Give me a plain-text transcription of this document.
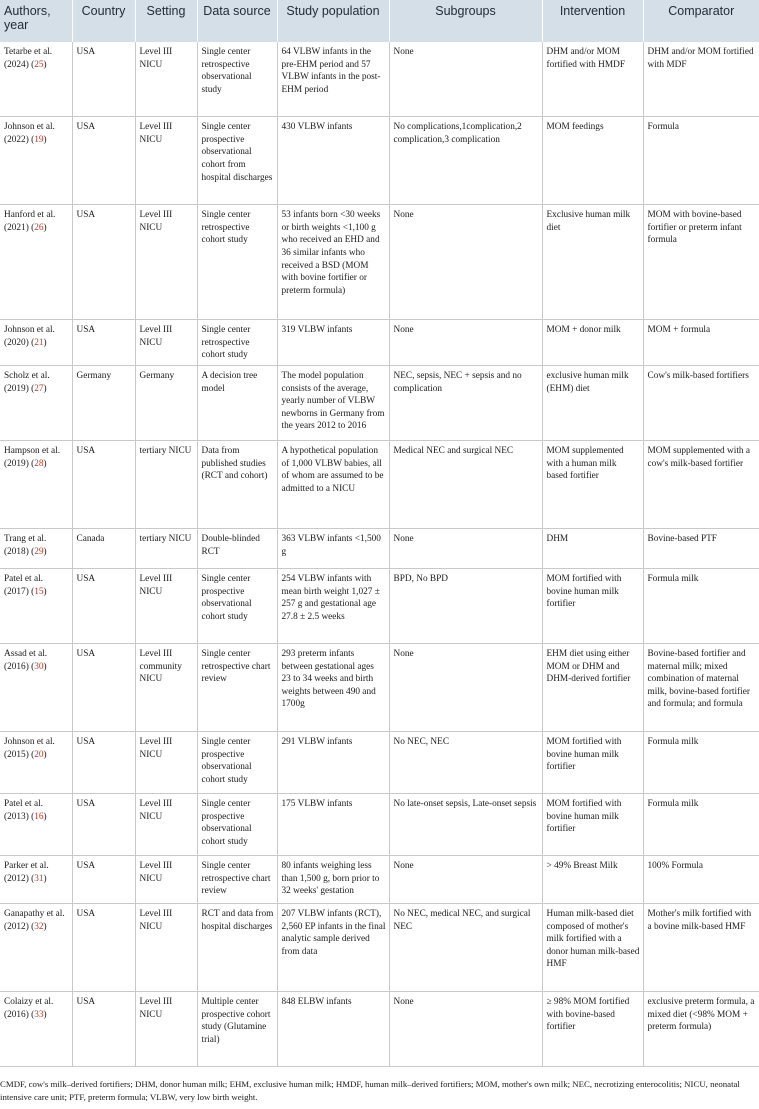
Authors, year	Country	Setting	Data source	Study population	Subgroups	Intervention	Comparator
Tetarbe et al. (2024) (25)	USA	Level III NICU	Single center retrospective observational study	64 VLBW infants in the pre-EHM period and 57 VLBW infants in the post-EHM period	None	DHM and/or MOM fortified with HMDF	DHM and/or MOM fortified with MDF
Johnson et al. (2022) (19)	USA	Level III NICU	Single center prospective observational cohort from hospital discharges	430 VLBW infants	No complications,1complication,2 complication,3 complication	MOM feedings	Formula
Hanford et al. (2021) (26)	USA	Level III NICU	Single center retrospective cohort study	53 infants born <30 weeks or birth weights <1,100 g who received an EHD and 36 similar infants who received a BSD (MOM with bovine fortifier or preterm formula)	None	Exclusive human milk diet	MOM with bovine-based fortifier or preterm infant formula
Johnson et al. (2020) (21)	USA	Level III NICU	Single center retrospective cohort study	319 VLBW infants	None	MOM + donor milk	MOM + formula
Scholz et al. (2019) (27)	Germany	Germany	A decision tree model	The model population consists of the average, yearly number of VLBW newborns in Germany from the years 2012 to 2016	NEC, sepsis, NEC + sepsis and no complication	exclusive human milk (EHM) diet	Cow's milk-based fortifiers
Hampson et al. (2019) (28)	USA	tertiary NICU	Data from published studies (RCT and cohort)	A hypothetical population of 1,000 VLBW babies, all of whom are assumed to be admitted to a NICU	Medical NEC and surgical NEC	MOM supplemented with a human milk based fortifier	MOM supplemented with a cow's milk-based fortifier
Trang et al. (2018) (29)	Canada	tertiary NICU	Double-blinded RCT	363 VLBW infants <1,500 g	None	DHM	Bovine-based PTF
Patel et al. (2017) (15)	USA	Level III NICU	Single center prospective observational cohort study	254 VLBW infants with mean birth weight 1,027 ± 257 g and gestational age 27.8 ± 2.5 weeks	BPD, No BPD	MOM fortified with bovine human milk fortifier	Formula milk
Assad et al. (2016) (30)	USA	Level III community NICU	Single center retrospective chart review	293 preterm infants between gestational ages 23 to 34 weeks and birth weights between 490 and 1700g	None	EHM diet using either MOM or DHM and DHM-derived fortifier	Bovine-based fortifier and maternal milk; mixed combination of maternal milk, bovine-based fortifier and formula; and formula
Johnson et al. (2015) (20)	USA	Level III NICU	Single center prospective observational cohort study	291 VLBW infants	No NEC, NEC	MOM fortified with bovine human milk fortifier	Formula milk
Patel et al. (2013) (16)	USA	Level III NICU	Single center prospective observational cohort study	175 VLBW infants	No late-onset sepsis, Late-onset sepsis	MOM fortified with bovine human milk fortifier	Formula milk
Parker et al. (2012) (31)	USA	Level III NICU	Single center retrospective chart review	80 infants weighing less than 1,500 g, born prior to 32 weeks' gestation	None	> 49% Breast Milk	100% Formula
Ganapathy et al. (2012) (32)	USA	Level III NICU	RCT and data from hospital discharges	207 VLBW infants (RCT), 2,560 EP infants in the final analytic sample derived from data	No NEC, medical NEC, and surgical NEC	Human milk-based diet composed of mother's milk fortified with a donor human milk-based HMF	Mother's milk fortified with a bovine milk-based HMF
Colaizy et al. (2016) (33)	USA	Level III NICU	Multiple center prospective cohort study (Glutamine trial)	848 ELBW infants	None	≥ 98% MOM fortified with bovine-based fortifier	exclusive preterm formula, a mixed diet (<98% MOM + preterm formula)
CMDF, cow's milk–derived fortifiers; DHM, donor human milk; EHM, exclusive human milk; HMDF, human milk–derived fortifiers; MOM, mother's own milk; NEC, necrotizing enterocolitis; NICU, neonatal intensive care unit; PTF, preterm formula; VLBW, very low birth weight.
